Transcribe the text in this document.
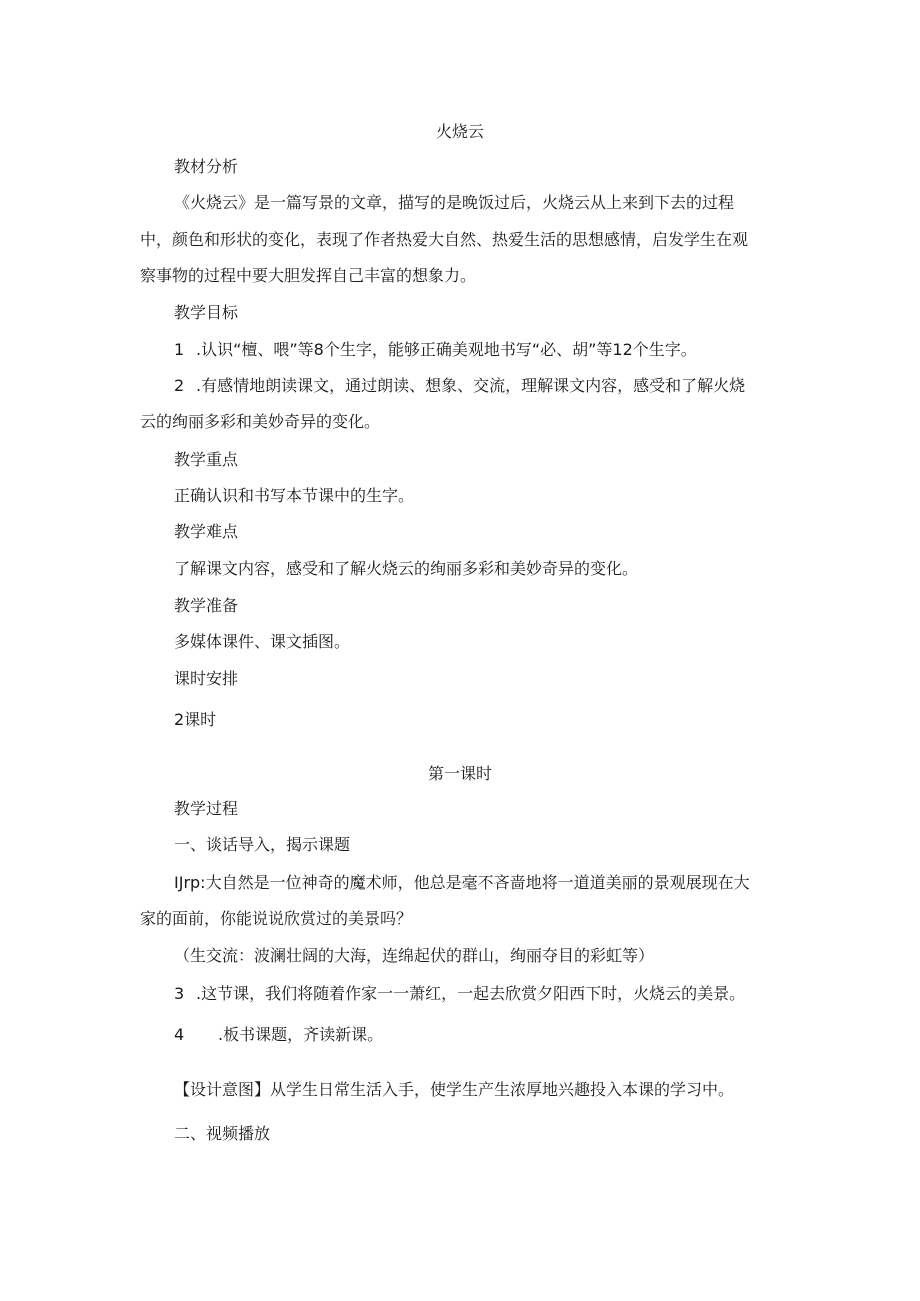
火烧云
教材分析
《火烧云》是一篇写景的文章，描写的是晚饭过后，火烧云从上来到下去的过程
中，颜色和形状的变化，表现了作者热爱大自然、热爱生活的思想感情，启发学生在观
察事物的过程中要大胆发挥自己丰富的想象力。
教学目标
1 .认识“檀、喂”等8个生字，能够正确美观地书写“必、胡”等12个生字。
2 .有感情地朗读课文，通过朗读、想象、交流，理解课文内容，感受和了解火烧
云的绚丽多彩和美妙奇异的变化。
教学重点
正确认识和书写本节课中的生字。
教学难点
了解课文内容，感受和了解火烧云的绚丽多彩和美妙奇异的变化。
教学准备
多媒体课件、课文插图。
课时安排
2课时
第一课时
教学过程
一、谈话导入，揭示课题
IJrp:大自然是一位神奇的魔术师，他总是毫不吝啬地将一道道美丽的景观展现在大
家的面前，你能说说欣赏过的美景吗？
（生交流：波澜壮阔的大海，连绵起伏的群山，绚丽夺目的彩虹等）
3 .这节课，我们将随着作家一一萧红，一起去欣赏夕阳西下时，火烧云的美景。
4 .板书课题，齐读新课。
【设计意图】从学生日常生活入手，使学生产生浓厚地兴趣投入本课的学习中。
二、视频播放
